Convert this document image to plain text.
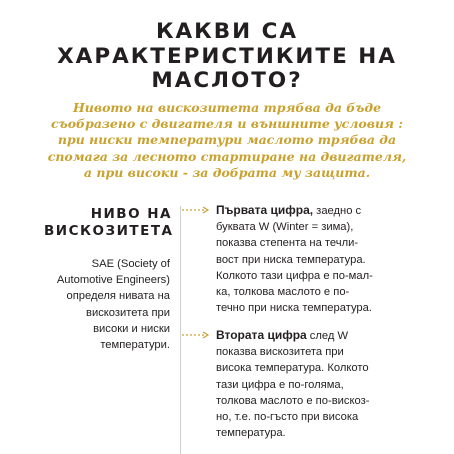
КАКВИ СА
ХАРАКТЕРИСТИКИТЕ НА
МАСЛОТО?

Нивото на вискозитета трябва да бъде
съобразено с двигателя и външните условия :
при ниски температури маслото трябва да
спомага за лесното стартиране на двигателя,
а при високи - за добрата му защита.

НИВО НА
ВИСКОЗИТЕТА

SAE (Society of
Automotive Engineers)
определя нивата на
вискозитета при
високи и ниски
температури.

Първата цифра, заедно с
буквата W (Winter = зима),
показва степента на течли-
вост при ниска температура.
Колкото тази цифра е по-мал-
ка, толкова маслото е по-
течно при ниска температура.

Втората цифра след W
показва вискозитета при
висока температура. Колкото
тази цифра е по-голяма,
толкова маслото е по-вискоз-
но, т.е. по-гъсто при висока
температура.
